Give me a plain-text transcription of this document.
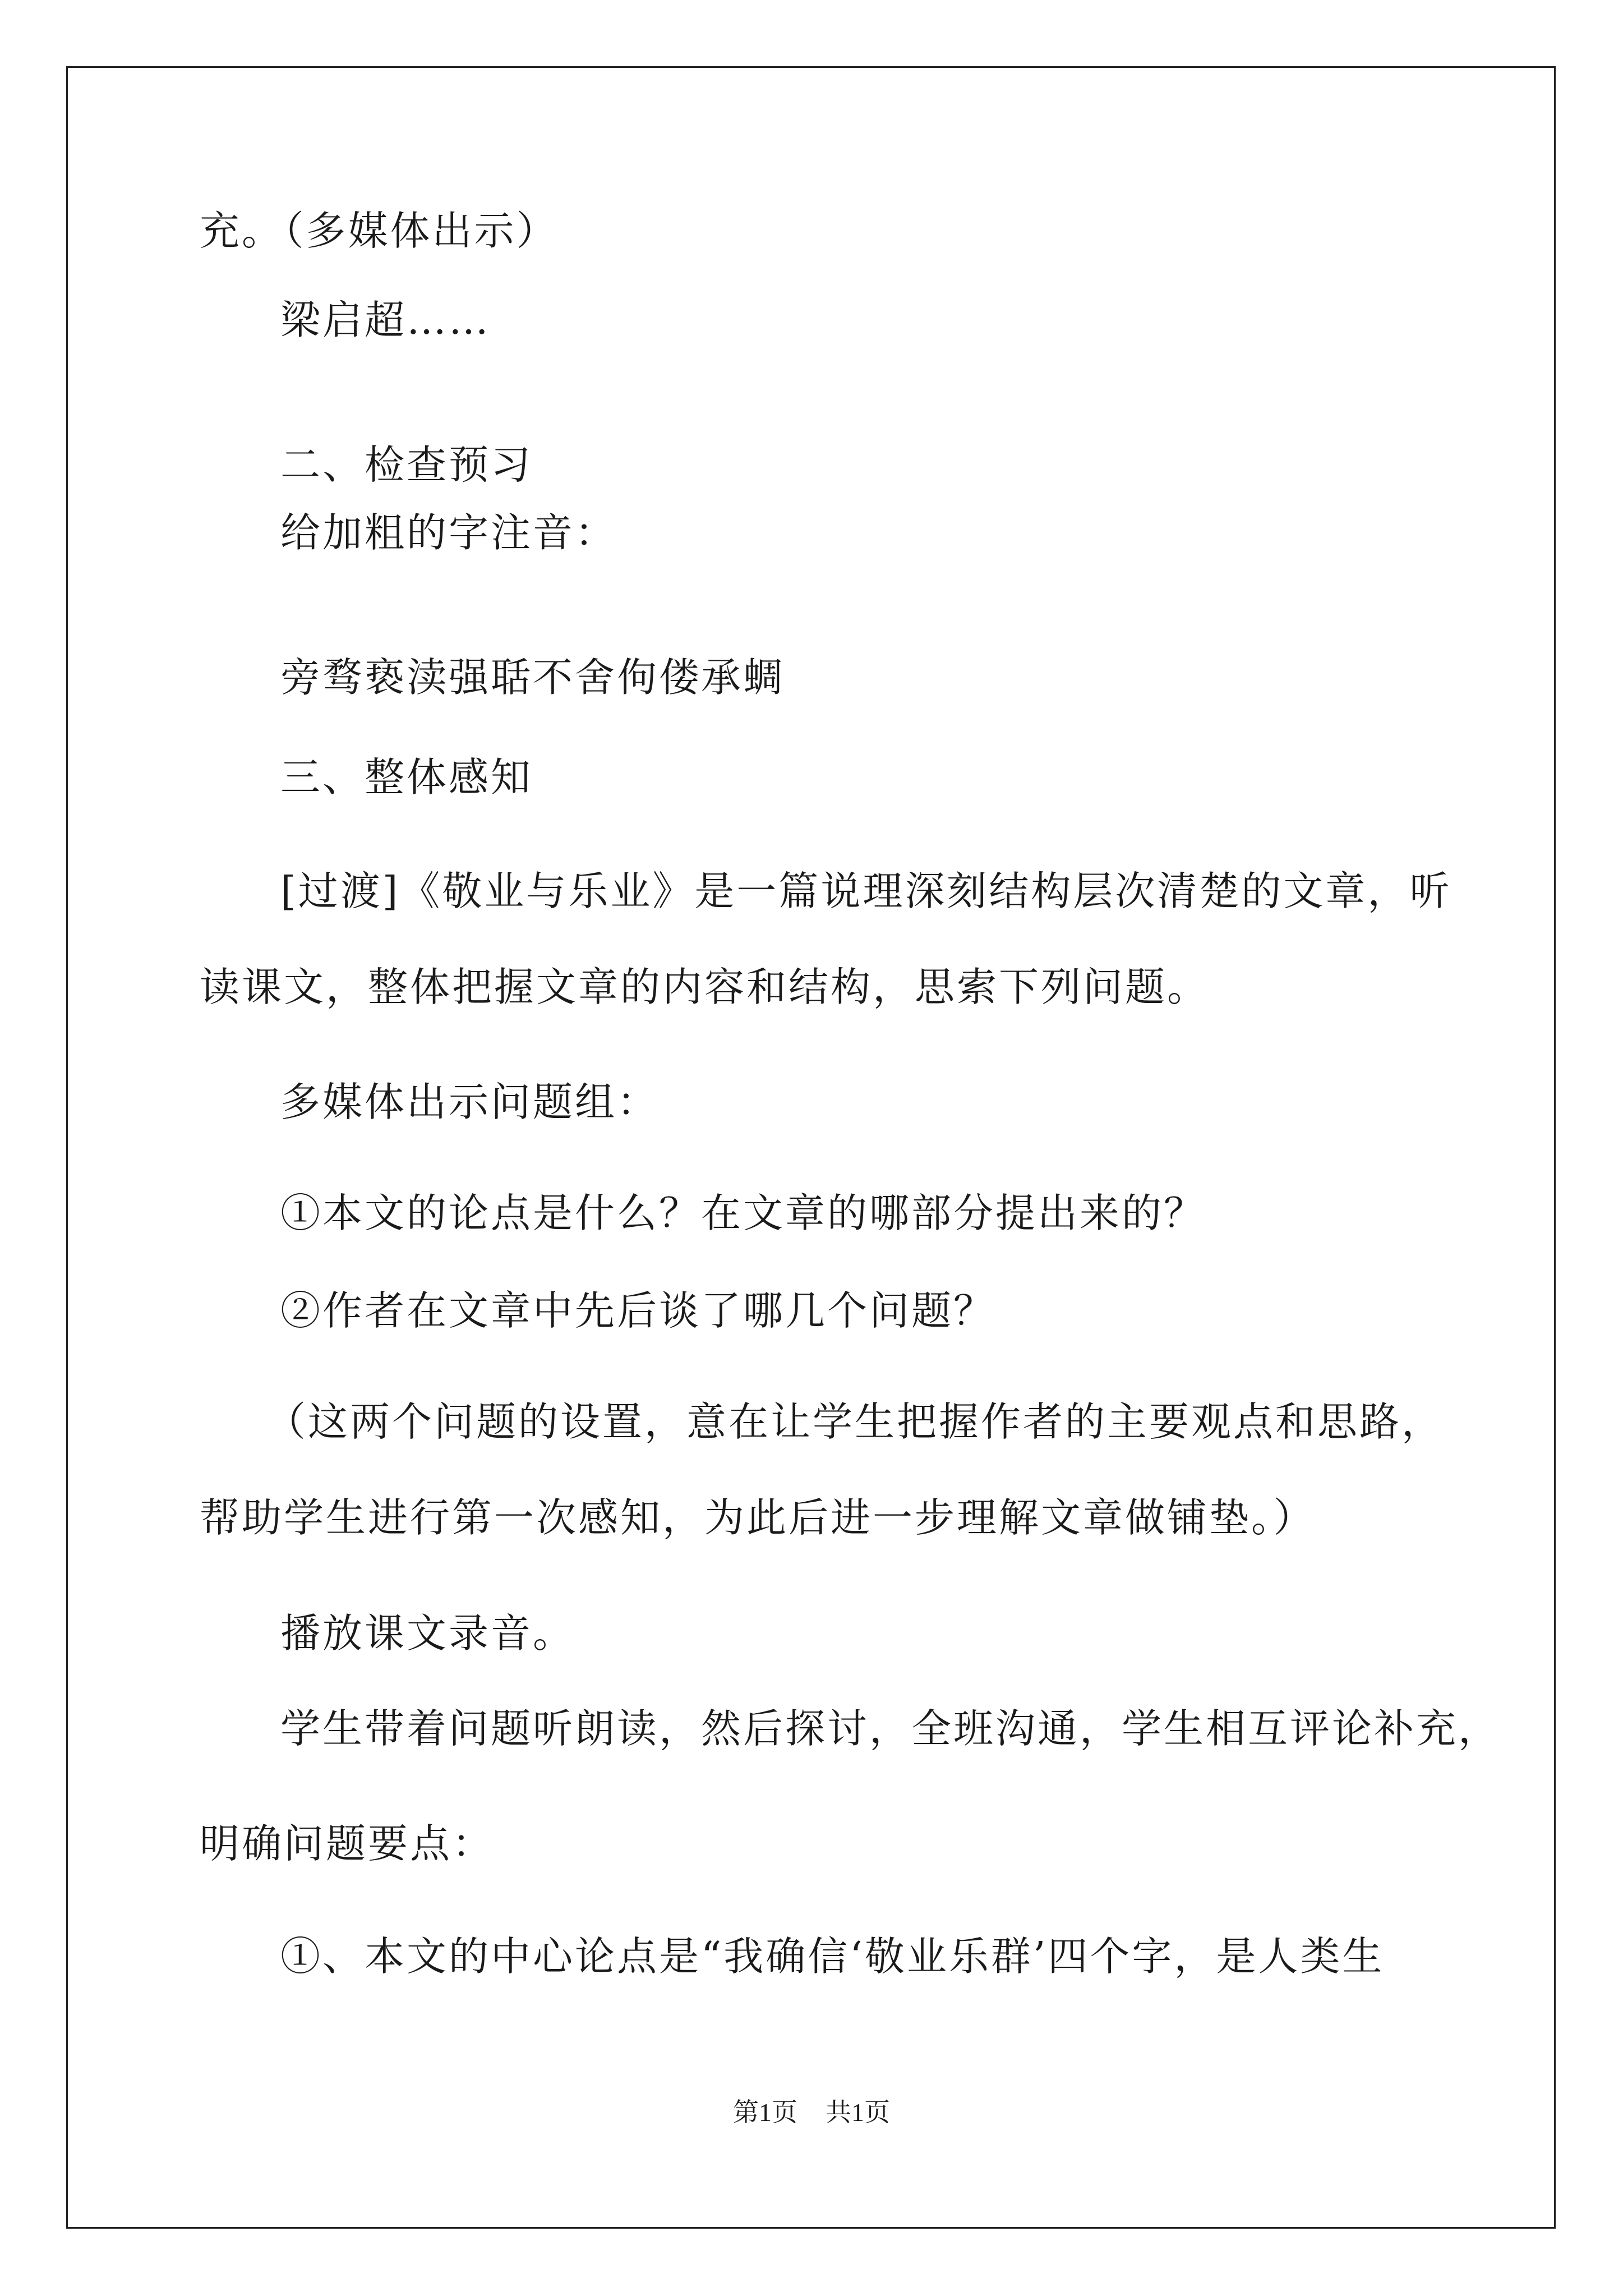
充。（多媒体出示）
梁启超……
二、检查预习
给加粗的字注音：
旁骛亵渎强聒不舍佝偻承蜩
三、整体感知
[过渡]《敬业与乐业》是一篇说理深刻结构层次清楚的文章，听
读课文，整体把握文章的内容和结构，思索下列问题。
多媒体出示问题组：
①本文的论点是什么？在文章的哪部分提出来的？
②作者在文章中先后谈了哪几个问题？
（这两个问题的设置，意在让学生把握作者的主要观点和思路，
帮助学生进行第一次感知，为此后进一步理解文章做铺垫。）
播放课文录音。
学生带着问题听朗读，然后探讨，全班沟通，学生相互评论补充，
明确问题要点：
①、本文的中心论点是“我确信‘敬业乐群’四个字，是人类生
第1页 共1页
